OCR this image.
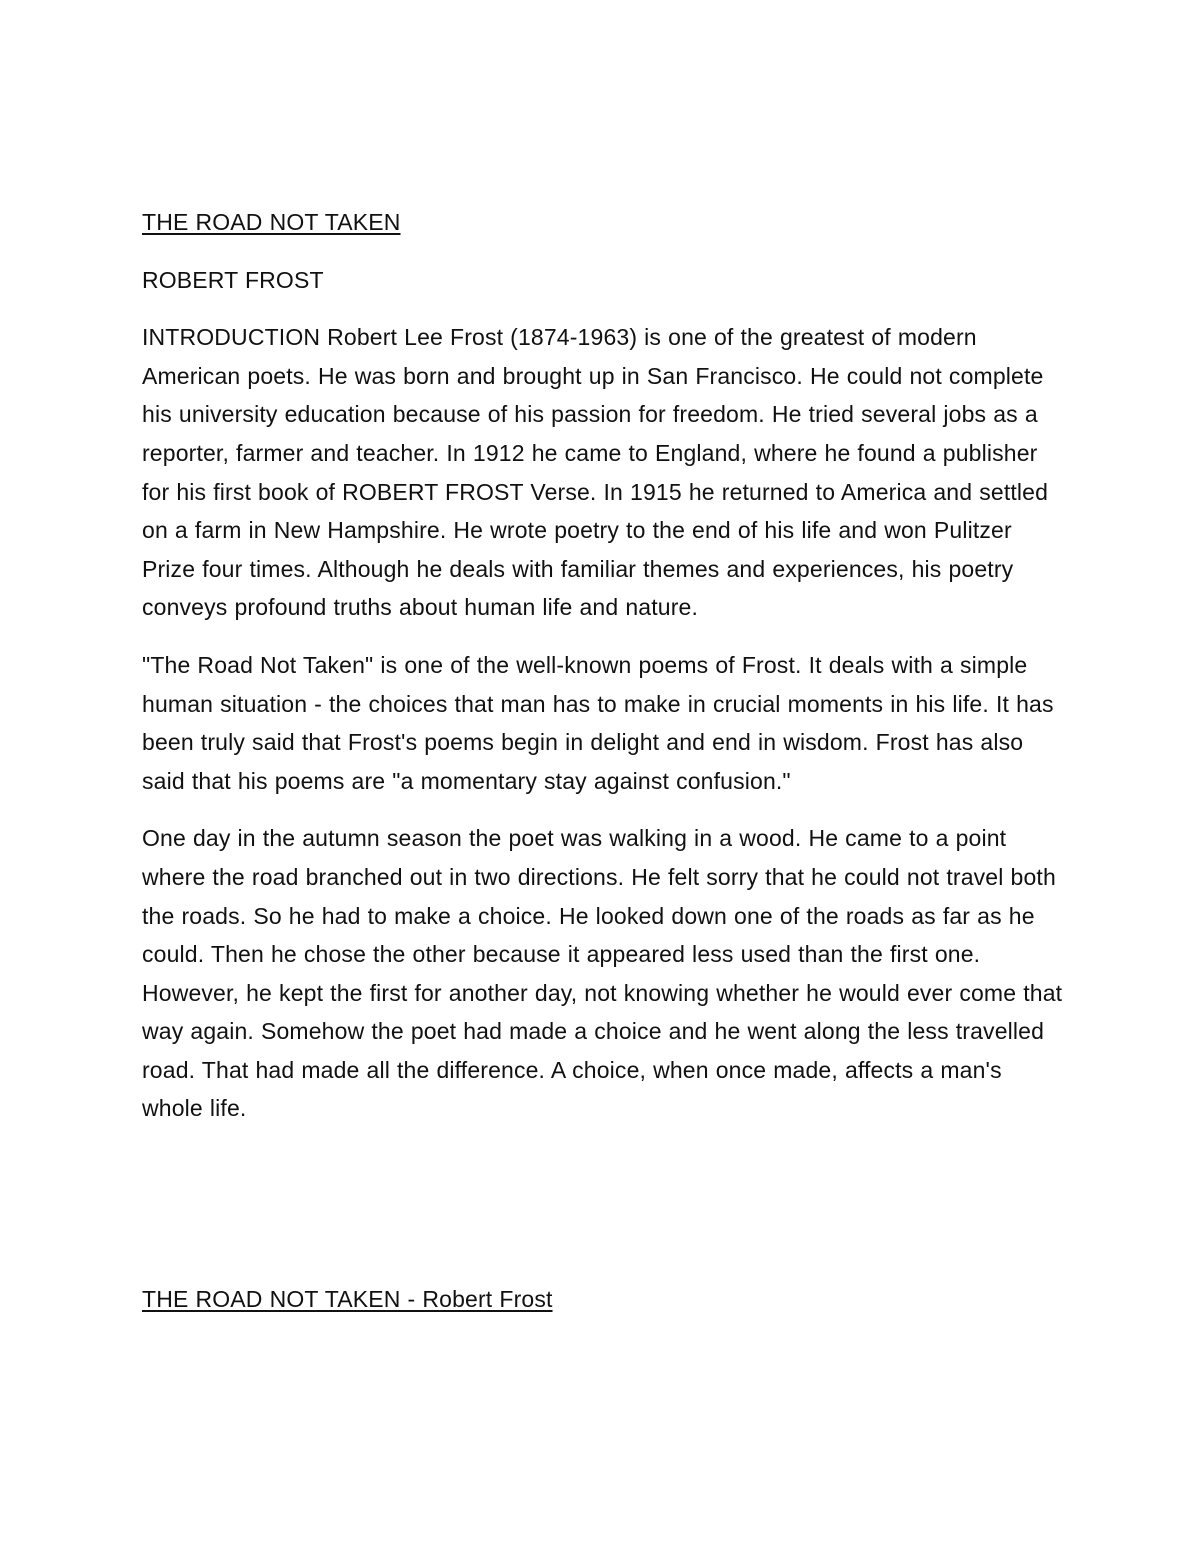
THE ROAD NOT TAKEN

ROBERT FROST

INTRODUCTION Robert Lee Frost (1874-1963) is one of the greatest of modern American poets. He was born and brought up in San Francisco. He could not complete his university education because of his passion for freedom. He tried several jobs as a reporter, farmer and teacher. In 1912 he came to England, where he found a publisher for his first book of ROBERT FROST Verse. In 1915 he returned to America and settled on a farm in New Hampshire. He wrote poetry to the end of his life and won Pulitzer Prize four times. Although he deals with familiar themes and experiences, his poetry conveys profound truths about human life and nature.

"The Road Not Taken" is one of the well-known poems of Frost. It deals with a simple human situation - the choices that man has to make in crucial moments in his life. It has been truly said that Frost's poems begin in delight and end in wisdom. Frost has also said that his poems are "a momentary stay against confusion."

One day in the autumn season the poet was walking in a wood. He came to a point where the road branched out in two directions. He felt sorry that he could not travel both the roads. So he had to make a choice. He looked down one of the roads as far as he could. Then he chose the other because it appeared less used than the first one. However, he kept the first for another day, not knowing whether he would ever come that way again. Somehow the poet had made a choice and he went along the less travelled road. That had made all the difference. A choice, when once made, affects a man's whole life.

THE ROAD NOT TAKEN - Robert Frost
